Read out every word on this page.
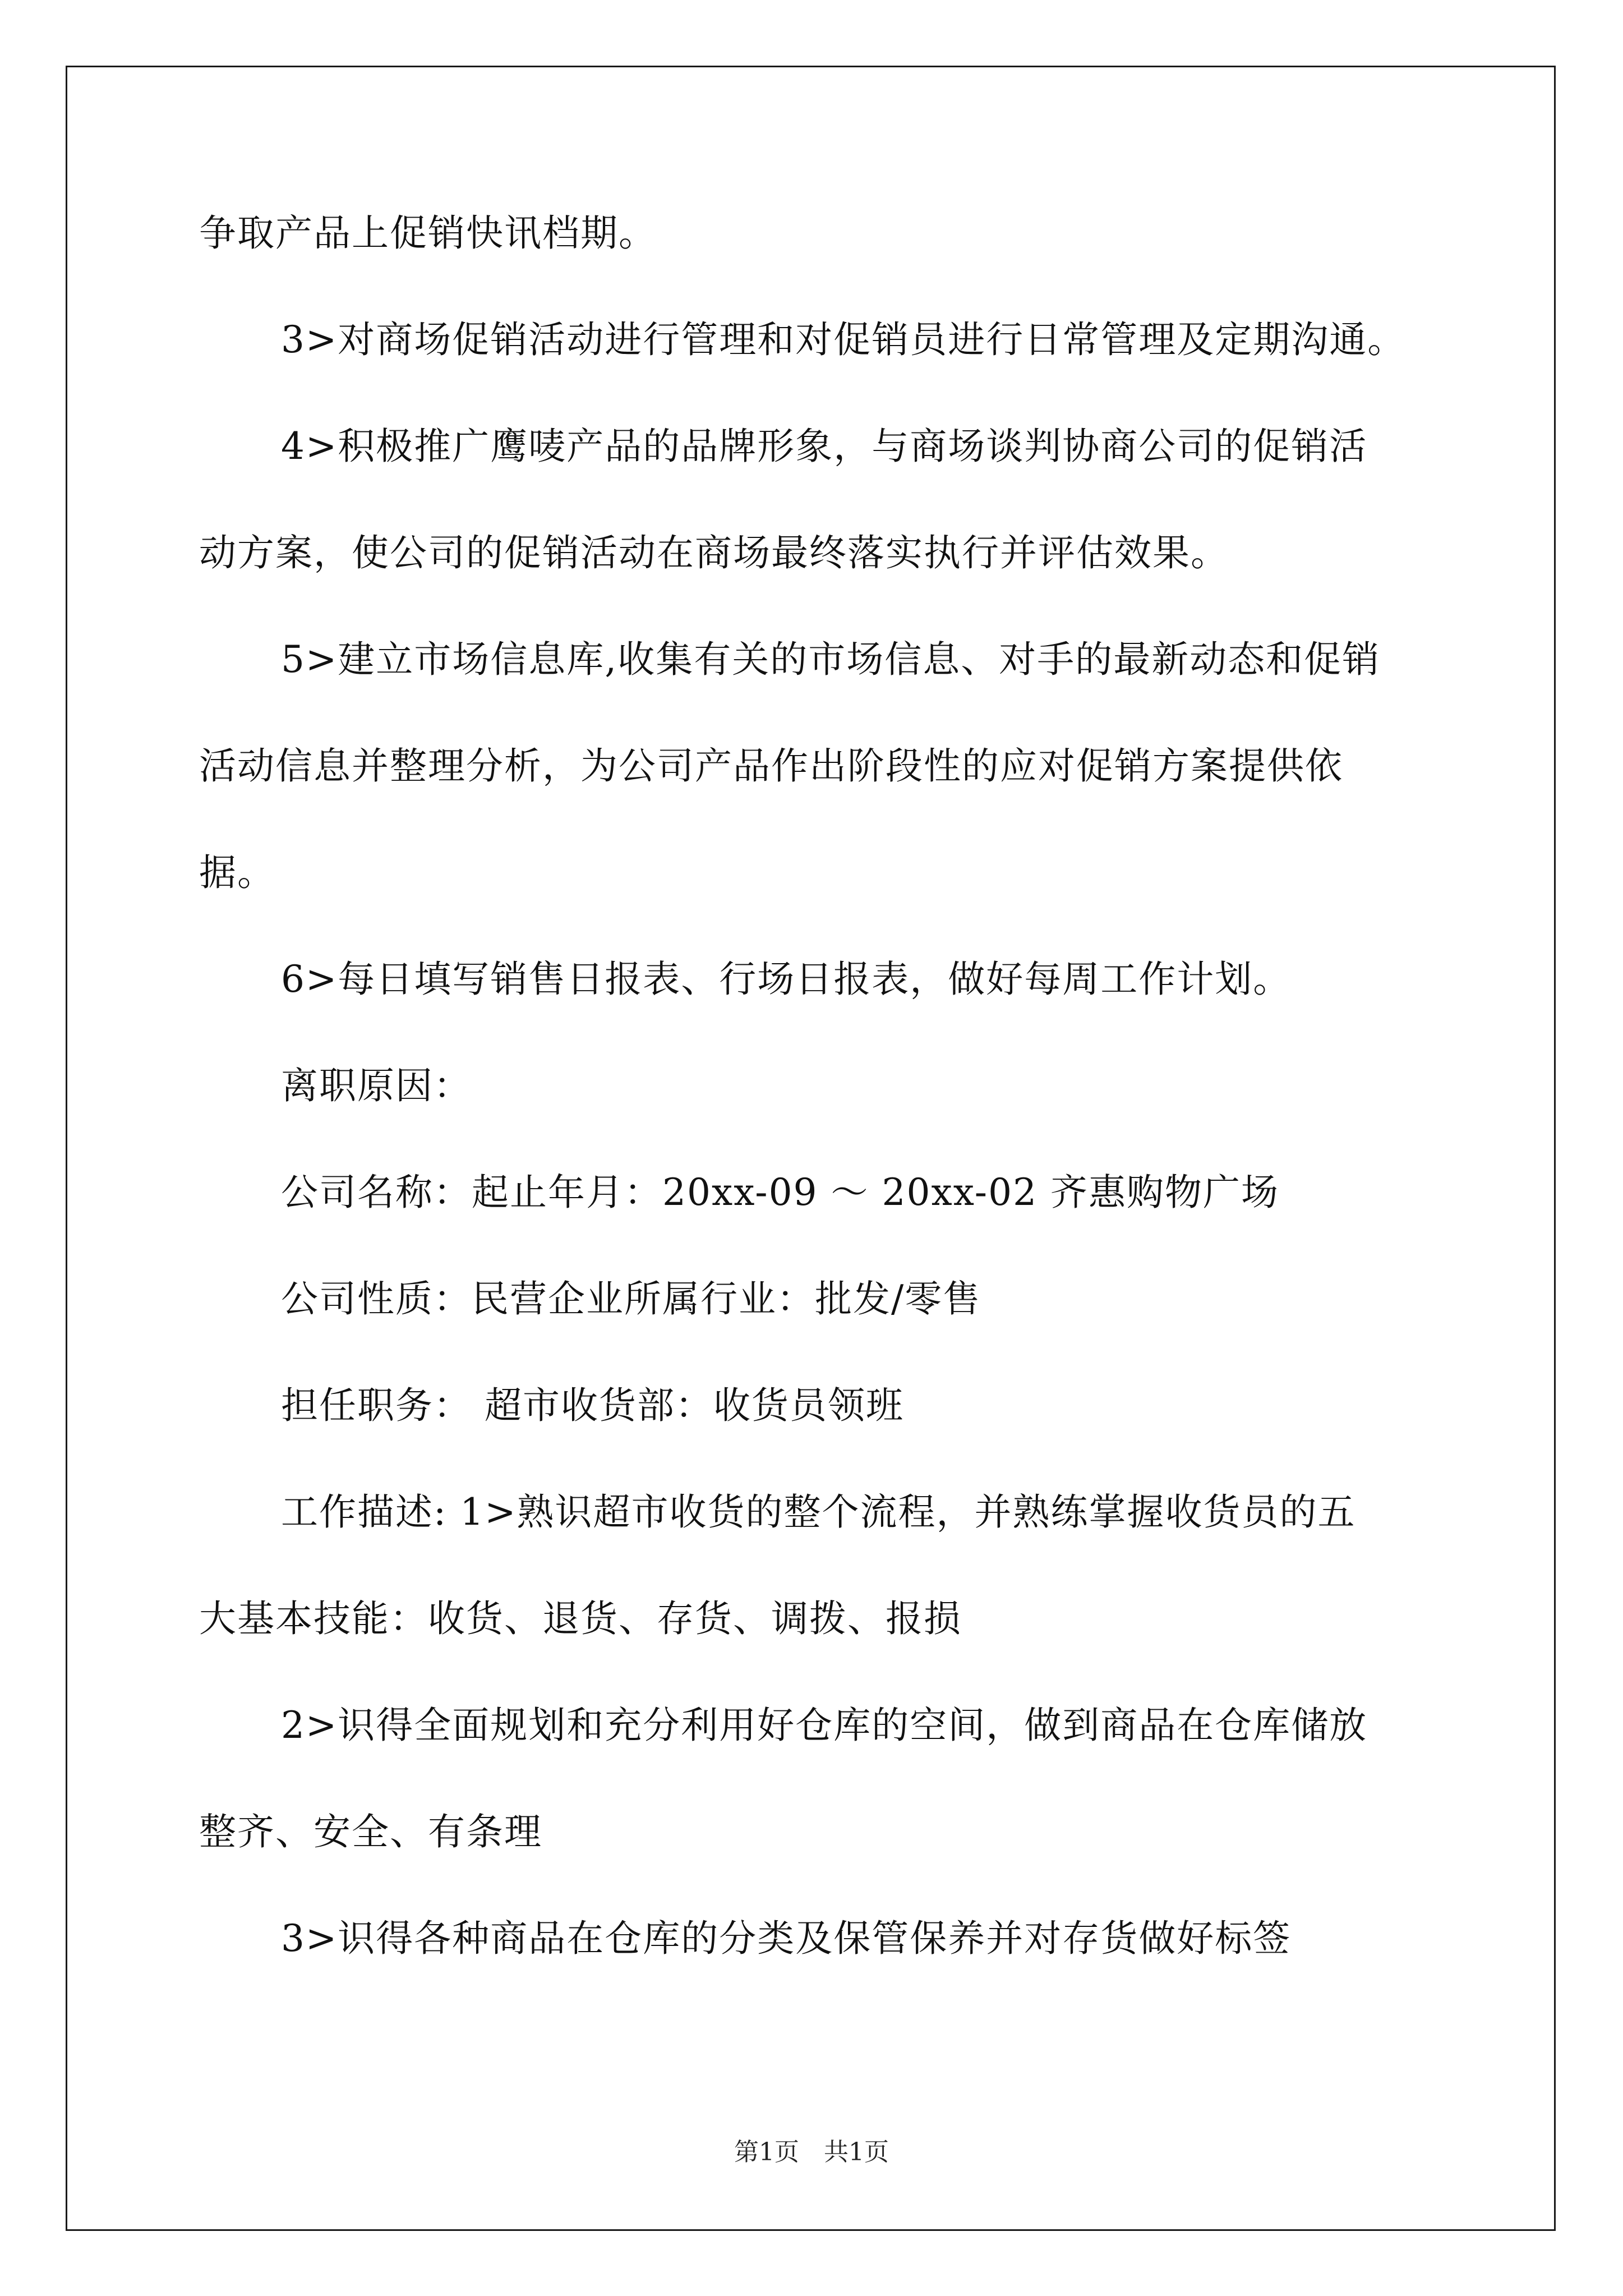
争取产品上促销快讯档期。
3>对商场促销活动进行管理和对促销员进行日常管理及定期沟通。
4>积极推广鹰唛产品的品牌形象，与商场谈判协商公司的促销活
动方案，使公司的促销活动在商场最终落实执行并评估效果。
5>建立市场信息库,收集有关的市场信息、对手的最新动态和促销
活动信息并整理分析，为公司产品作出阶段性的应对促销方案提供依
据。
6>每日填写销售日报表、行场日报表，做好每周工作计划。
离职原因：
公司名称：起止年月：20xx-09 ～ 20xx-02 齐惠购物广场
公司性质：民营企业所属行业：批发/零售
担任职务： 超市收货部：收货员领班
工作描述: 1>熟识超市收货的整个流程，并熟练掌握收货员的五
大基本技能：收货、退货、存货、调拨、报损
2>识得全面规划和充分利用好仓库的空间，做到商品在仓库储放
整齐、安全、有条理
3>识得各种商品在仓库的分类及保管保养并对存货做好标签
第1页　共1页
